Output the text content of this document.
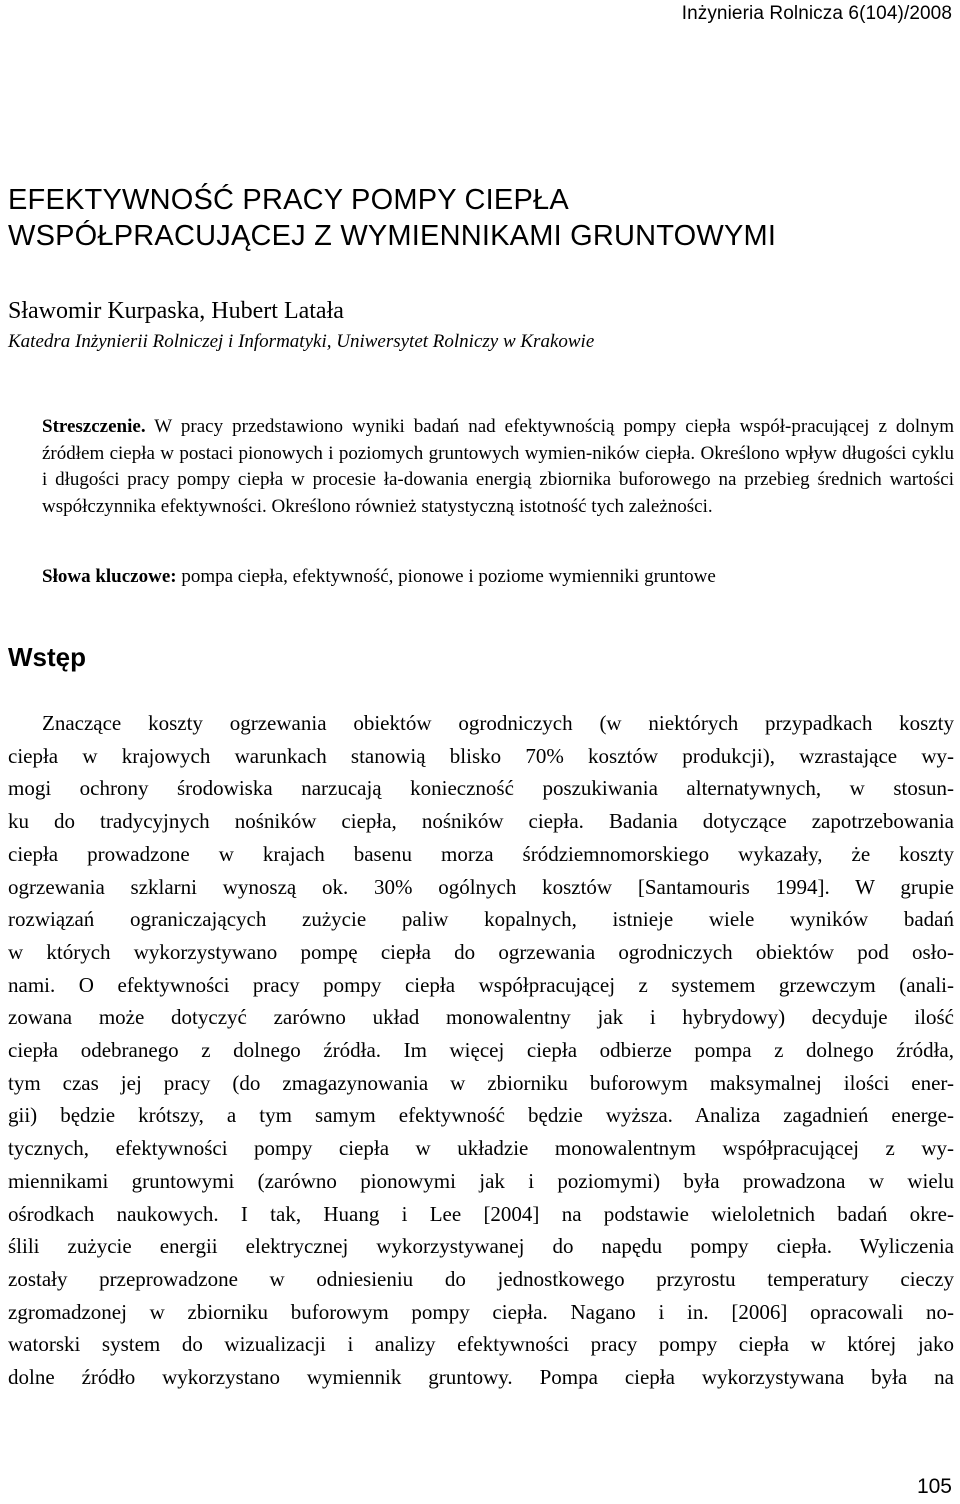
Inżynieria Rolnicza 6(104)/2008
EFEKTYWNOŚĆ PRACY POMPY CIEPŁA
WSPÓŁPRACUJĄCEJ Z WYMIENNIKAMI GRUNTOWYMI
Sławomir Kurpaska, Hubert Latała
Katedra Inżynierii Rolniczej i Informatyki, Uniwersytet Rolniczy w Krakowie
Streszczenie. W pracy przedstawiono wyniki badań nad efektywnością pompy ciepła współ-pracującej z dolnym źródłem ciepła w postaci pionowych i poziomych gruntowych wymien-ników ciepła. Określono wpływ długości cyklu i długości pracy pompy ciepła w procesie ła-dowania energią zbiornika buforowego na przebieg średnich wartości współczynnika efektywności. Określono również statystyczną istotność tych zależności.
Słowa kluczowe: pompa ciepła, efektywność, pionowe i poziome wymienniki gruntowe
Wstęp
Znaczące koszty ogrzewania obiektów ogrodniczych (w niektórych przypadkach koszty
ciepła w krajowych warunkach stanowią blisko 70% kosztów produkcji), wzrastające wy-
mogi ochrony środowiska narzucają konieczność poszukiwania alternatywnych, w stosun-
ku do tradycyjnych nośników ciepła, nośników ciepła. Badania dotyczące zapotrzebowania
ciepła prowadzone w krajach basenu morza śródziemnomorskiego wykazały, że koszty
ogrzewania szklarni wynoszą ok. 30% ogólnych kosztów [Santamouris 1994]. W grupie
rozwiązań ograniczających zużycie paliw kopalnych, istnieje wiele wyników badań
w których wykorzystywano pompę ciepła do ogrzewania ogrodniczych obiektów pod osło-
nami. O efektywności pracy pompy ciepła współpracującej z systemem grzewczym (anali-
zowana może dotyczyć zarówno układ monowalentny jak i hybrydowy) decyduje ilość
ciepła odebranego z dolnego źródła. Im więcej ciepła odbierze pompa z dolnego źródła,
tym czas jej pracy (do zmagazynowania w zbiorniku buforowym maksymalnej ilości ener-
gii) będzie krótszy, a tym samym efektywność będzie wyższa. Analiza zagadnień energe-
tycznych, efektywności pompy ciepła w układzie monowalentnym współpracującej z wy-
miennikami gruntowymi (zarówno pionowymi jak i poziomymi) była prowadzona w wielu
ośrodkach naukowych. I tak, Huang i Lee [2004] na podstawie wieloletnich badań okre-
ślili zużycie energii elektrycznej wykorzystywanej do napędu pompy ciepła. Wyliczenia
zostały przeprowadzone w odniesieniu do jednostkowego przyrostu temperatury cieczy
zgromadzonej w zbiorniku buforowym pompy ciepła. Nagano i in. [2006] opracowali no-
watorski system do wizualizacji i analizy efektywności pracy pompy ciepła w której jako
dolne źródło wykorzystano wymiennik gruntowy. Pompa ciepła wykorzystywana była na
105
